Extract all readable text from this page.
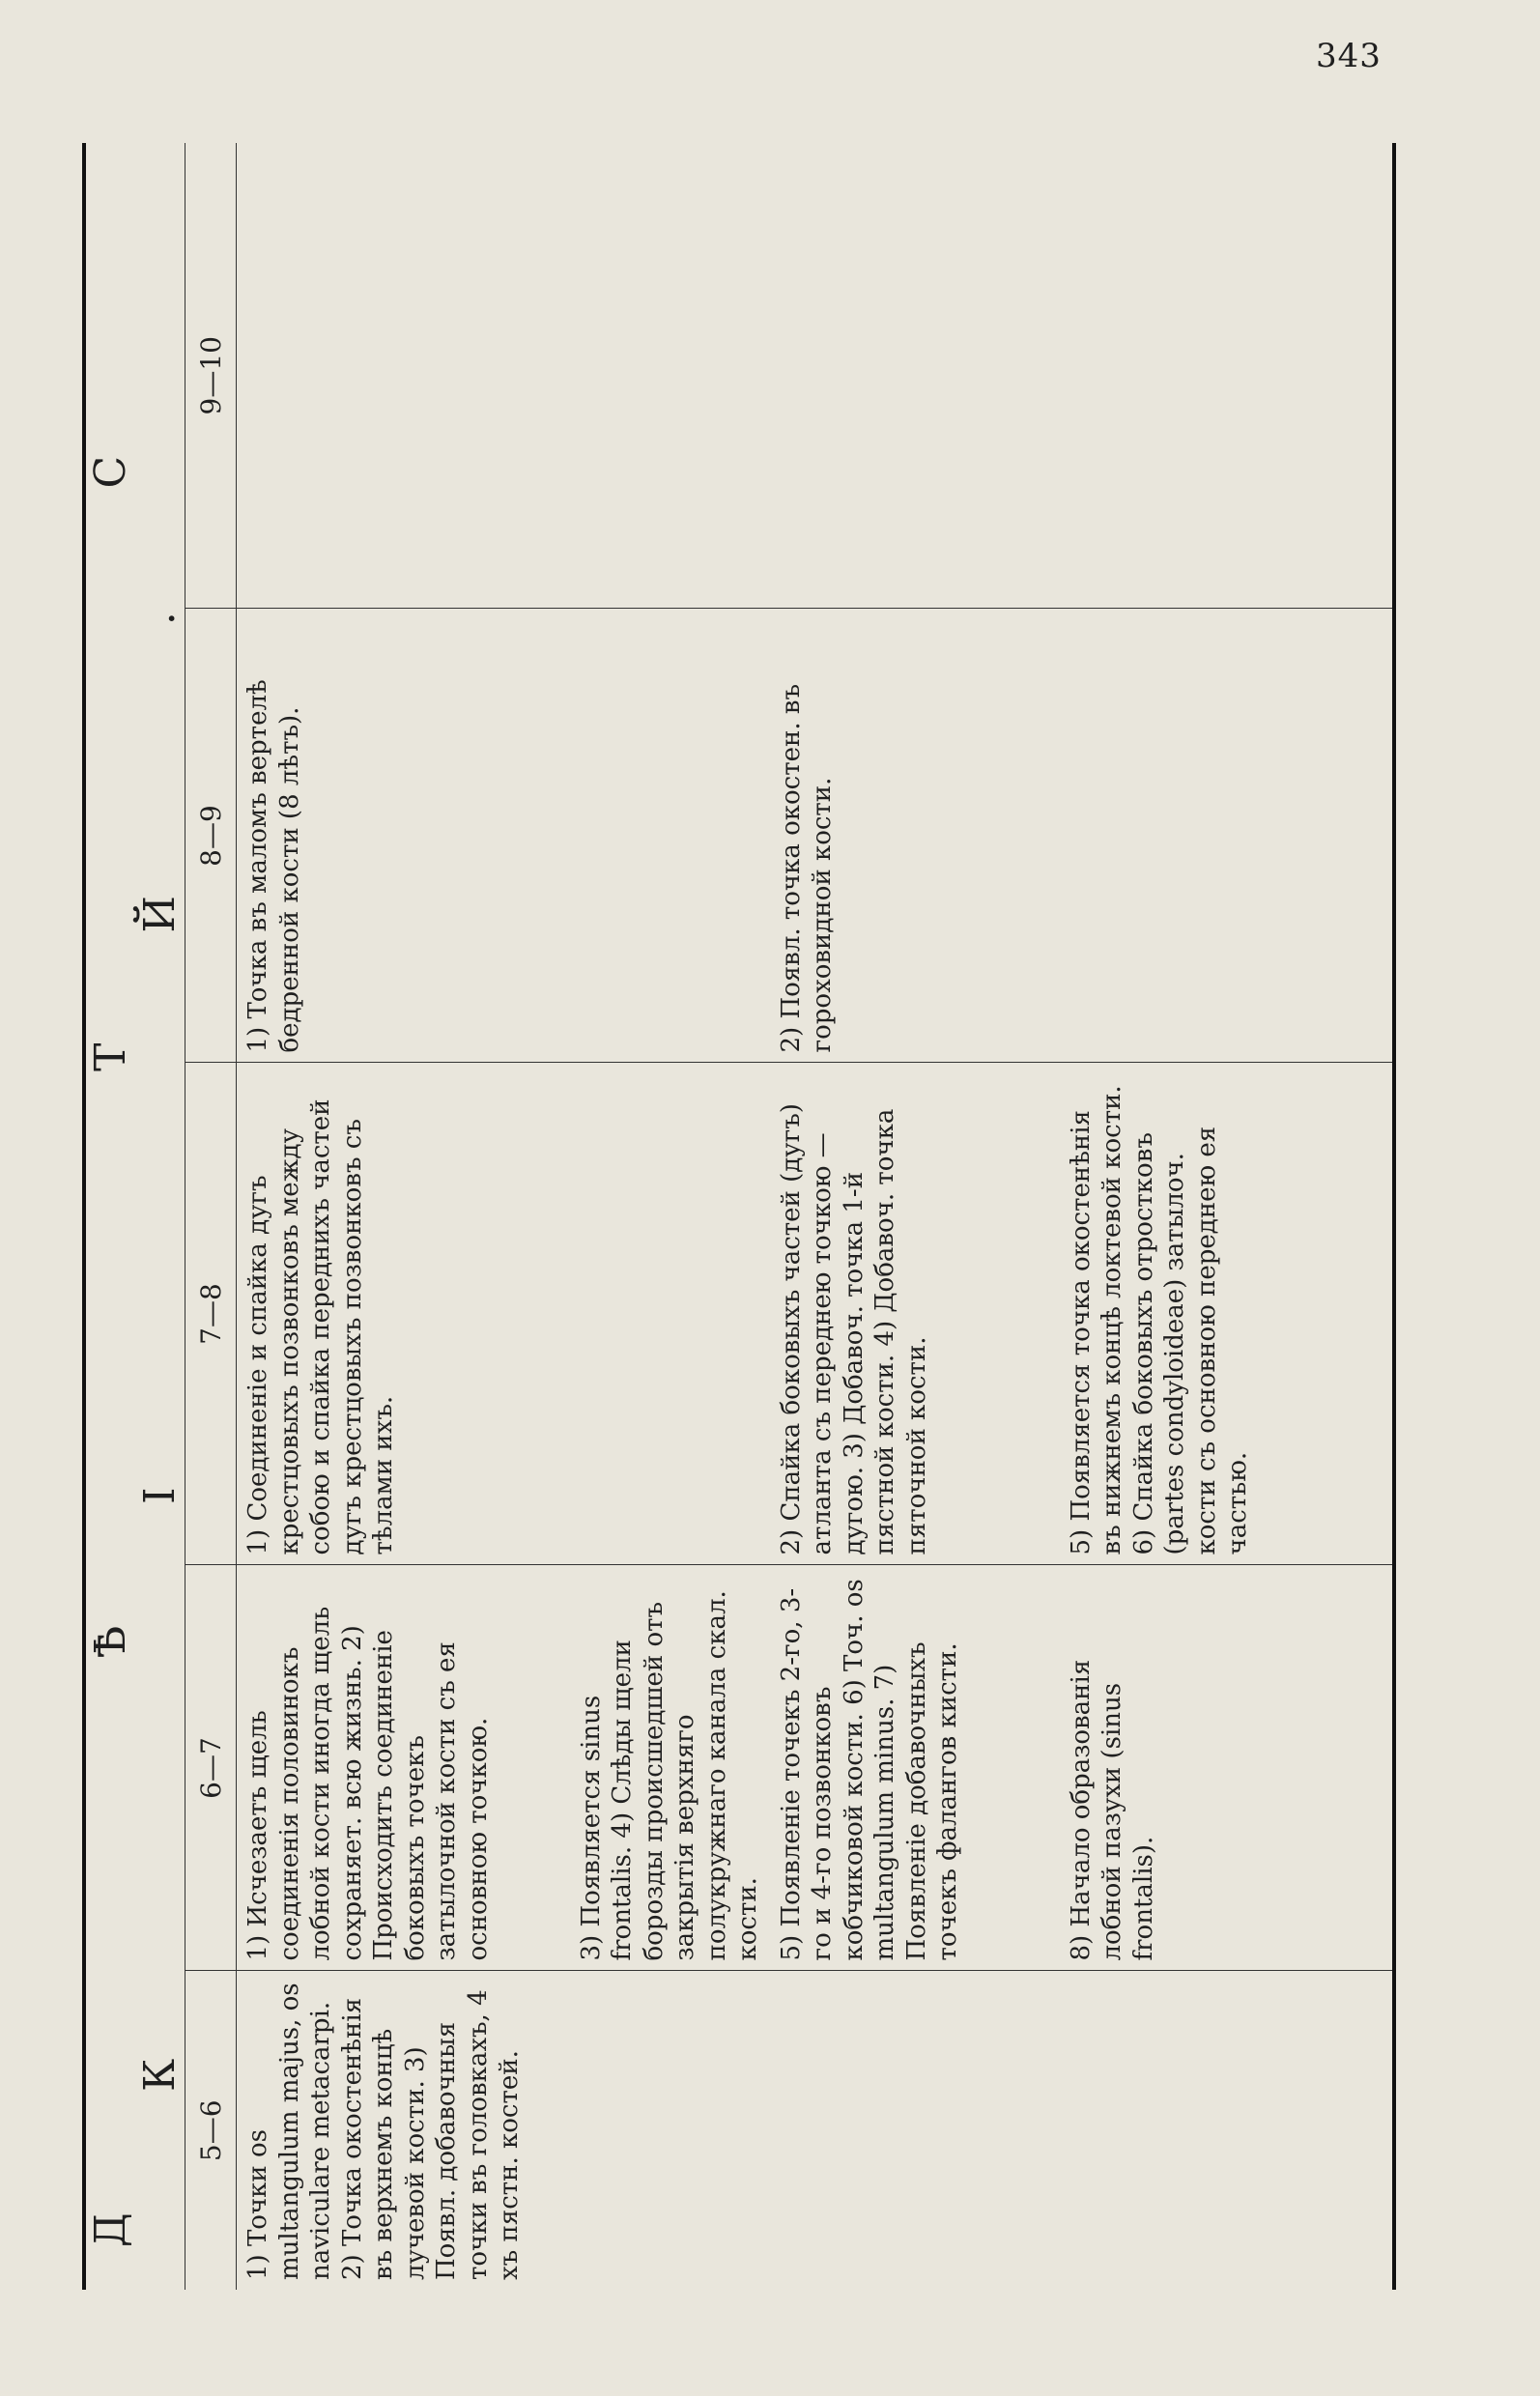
343
Д Ѣ Т С К І Й.				
5—6	6—7	7—8	8—9	9—10
1) Точки os multangulum majus, os naviculare metacarpi. 2) Точка окостенѣнія въ верхнемъ концѣ лучевой кости. 3) Появл. добавочныя точки въ головкахъ, 4 хъ пястн. костей.	1) Исчезаетъ щель соединенія половинокъ лобной кости иногда щель сохраняет. всю жизнь. 2) Происходитъ соединеніе боковыхъ точекъ затылочной кости съ ея основною точкою.	1) Соединеніе и спайка дугъ крестцовыхъ позвонковъ между собою и спайка переднихъ частей дугъ крестцовыхъ позвонковъ съ тѣлами ихъ.	1) Точка въ маломъ вертелѣ бедренной кости (8 лѣтъ).	
	3) Появляется sinus frontalis. 4) Слѣды щели борозды происшедшей отъ закрытія верхняго полукружнаго канала скал. кости.			
	5) Появленіе точекъ 2-го, 3-го и 4-го позвонковъ кобчиковой кости. 6) Точ. os multangulum minus. 7) Появленіе добавочныхъ точекъ фалангов кисти.	2) Спайка боковыхъ частей (дугъ) атланта съ переднею точкою — дугою. 3) Добавоч. точка 1-й пястной кости. 4) Добавоч. точка пяточной кости.	2) Появл. точка окостен. въ гороховидной кости.	
	8) Начало образованія лобной пазухи (sinus frontalis).	5) Появляется точка окостенѣнія въ нижнемъ концѣ локтевой кости. 6) Спайка боковыхъ отростковъ (partes condyloideae) затылоч. кости съ основною переднею ея частью.		
